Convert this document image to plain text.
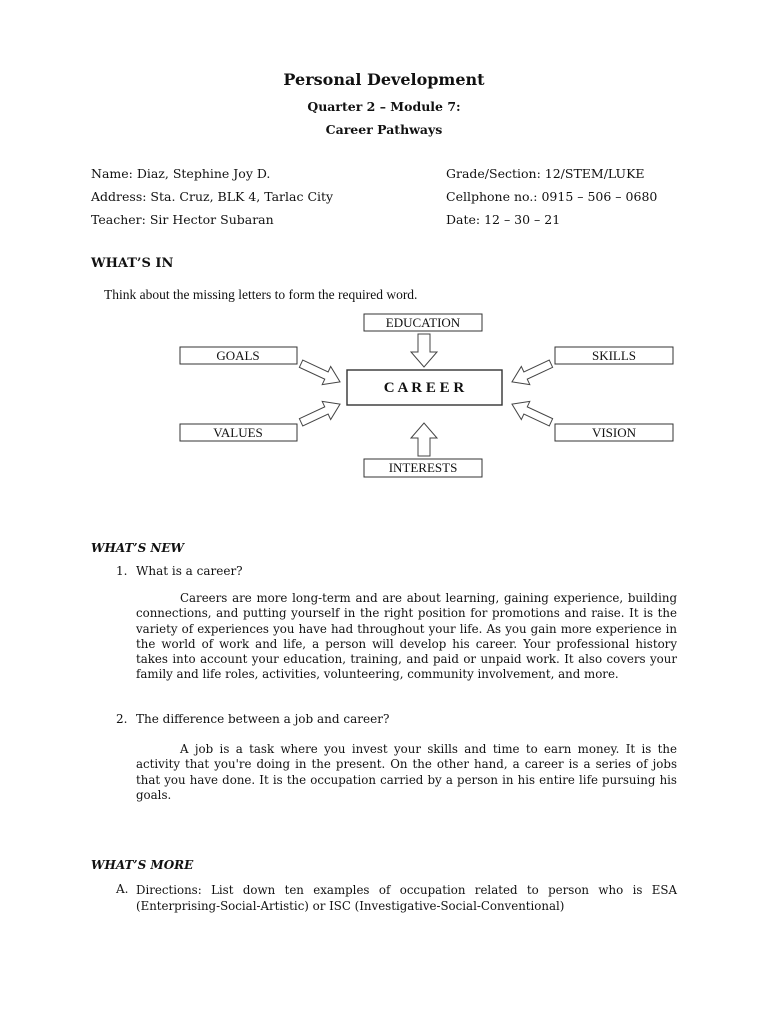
Personal Development
Quarter 2 – Module 7:
Career Pathways
Name: Diaz, Stephine Joy D.
Address: Sta. Cruz, BLK 4, Tarlac City
Teacher: Sir Hector Subaran
Grade/Section: 12/STEM/LUKE
Cellphone no.: 0915 – 506 – 0680
Date: 12 – 30 – 21
WHAT’S IN
Think about the missing letters to form the required word.
EDUCATION
GOALS	SKILLS
VALUES	VISION
INTERESTS
C A R E E R
WHAT’S NEW
1. What is a career?
Careers are more long-term and are about learning, gaining experience, building connections, and putting yourself in the right position for promotions and raise. It is the variety of experiences you have had throughout your life. As you gain more experience in the world of work and life, a person will develop his career. Your professional history takes into account your education, training, and paid or unpaid work. It also covers your family and life roles, activities, volunteering, community involvement, and more.
2. The difference between a job and career?
A job is a task where you invest your skills and time to earn money. It is the activity that you're doing in the present. On the other hand, a career is a series of jobs that you have done. It is the occupation carried by a person in his entire life pursuing his goals.
WHAT’S MORE
A. Directions: List down ten examples of occupation related to person who is ESA (Enterprising-Social-Artistic) or ISC (Investigative-Social-Conventional)
